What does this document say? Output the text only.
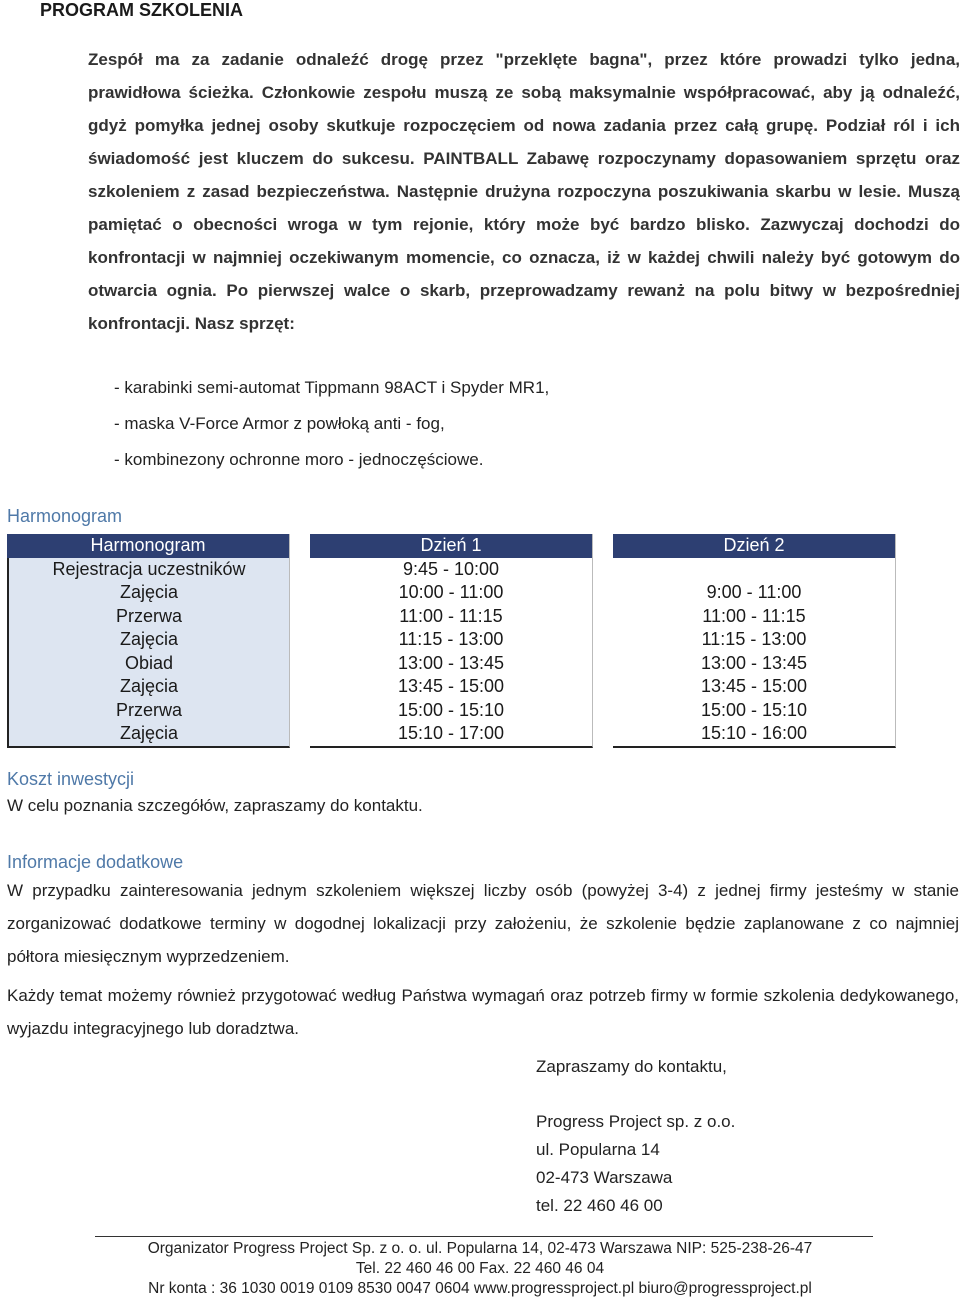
PROGRAM SZKOLENIA
Zespół ma za zadanie odnaleźć drogę przez "przeklęte bagna", przez które prowadzi tylko jedna, prawidłowa ścieżka. Członkowie zespołu muszą ze sobą maksymalnie współpracować, aby ją odnaleźć, gdyż pomyłka jednej osoby skutkuje rozpoczęciem od nowa zadania przez całą grupę. Podział ról i ich świadomość jest kluczem do sukcesu. PAINTBALL Zabawę rozpoczynamy dopasowaniem sprzętu oraz szkoleniem z zasad bezpieczeństwa. Następnie drużyna rozpoczyna poszukiwania skarbu w lesie. Muszą pamiętać o obecności wroga w tym rejonie, który może być bardzo blisko. Zazwyczaj dochodzi do konfrontacji w najmniej oczekiwanym momencie, co oznacza, iż w każdej chwili należy być gotowym do otwarcia ognia. Po pierwszej walce o skarb, przeprowadzamy rewanż na polu bitwy w bezpośredniej konfrontacji. Nasz sprzęt:
- karabinki semi-automat Tippmann 98ACT i Spyder MR1,
- maska V-Force Armor z powłoką anti - fog,
- kombinezony ochronne moro - jednoczęściowe.
Harmonogram
Harmonogram
Rejestracja uczestników
Zajęcia
Przerwa
Zajęcia
Obiad
Zajęcia
Przerwa
Zajęcia
Dzień 1
9:45 - 10:00
10:00 - 11:00
11:00 - 11:15
11:15 - 13:00
13:00 - 13:45
13:45 - 15:00
15:00 - 15:10
15:10 - 17:00
Dzień 2
9:00 - 11:00
11:00 - 11:15
11:15 - 13:00
13:00 - 13:45
13:45 - 15:00
15:00 - 15:10
15:10 - 16:00
Koszt inwestycji
W celu poznania szczegółów, zapraszamy do kontaktu.
Informacje dodatkowe
W przypadku zainteresowania jednym szkoleniem większej liczby osób (powyżej 3-4) z jednej firmy jesteśmy w stanie zorganizować dodatkowe terminy w dogodnej lokalizacji przy założeniu, że szkolenie będzie zaplanowane z co najmniej półtora miesięcznym wyprzedzeniem.
Każdy temat możemy również przygotować według Państwa wymagań oraz potrzeb firmy w formie szkolenia dedykowanego, wyjazdu integracyjnego lub doradztwa.
Zapraszamy do kontaktu,
Progress Project sp. z o.o.
ul. Popularna 14
02-473 Warszawa
tel. 22 460 46 00
Organizator Progress Project Sp. z o. o. ul. Popularna 14, 02-473 Warszawa NIP: 525-238-26-47
Tel. 22 460 46 00 Fax. 22 460 46 04
Nr konta : 36 1030 0019 0109 8530 0047 0604 www.progressproject.pl biuro@progressproject.pl
